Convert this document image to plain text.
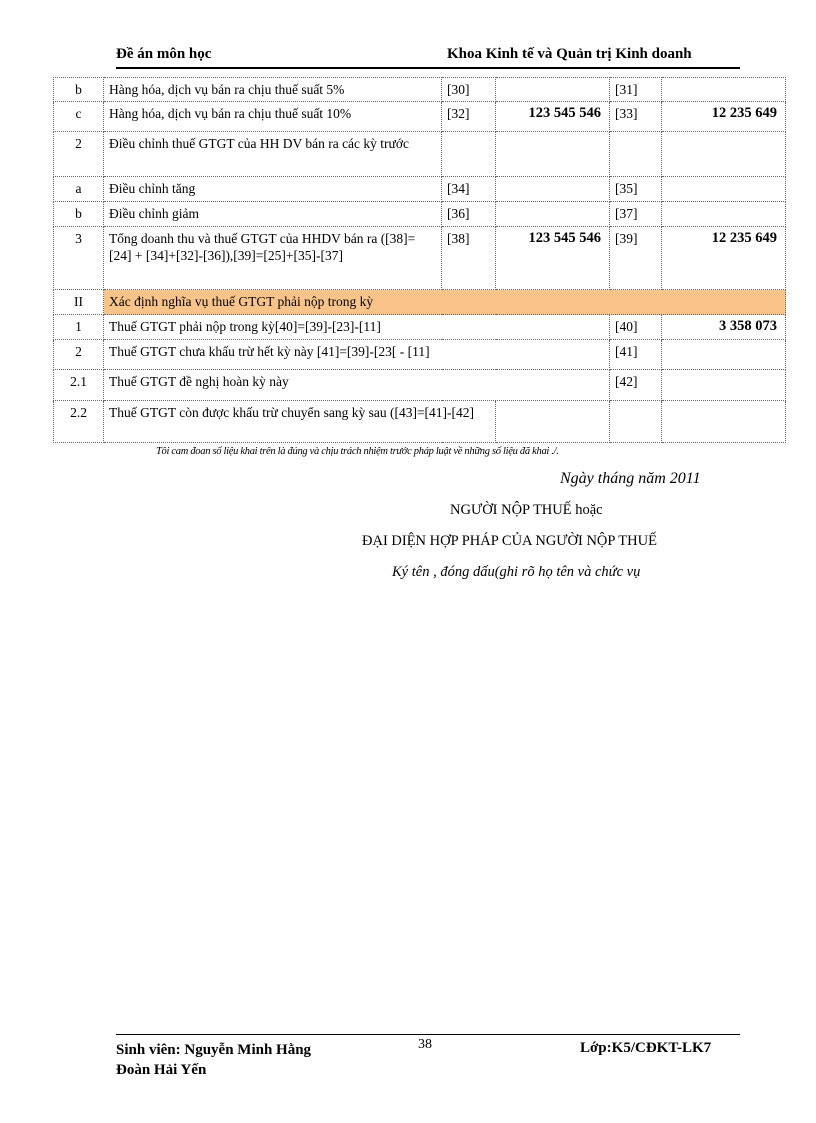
Đề án môn học	Khoa Kinh tế và Quản trị Kinh doanh
b	Hàng hóa, dịch vụ bán ra chịu thuế suất 5%	[30]		[31]	
c	Hàng hóa, dịch vụ bán ra chịu thuế suất 10%	[32]	123 545 546	[33]	12 235 649
2	Điều chỉnh thuế GTGT của HH DV bán ra các kỳ trước				
a	Điều chỉnh tăng	[34]		[35]	
b	Điều chỉnh giảm	[36]		[37]	
3	Tổng doanh thu và thuế GTGT của HHDV bán ra ([38]=[24] + [34]+[32]-[36]),[39]=[25]+[35]-[37]	[38]	123 545 546	[39]	12 235 649
II	Xác định nghĩa vụ thuế GTGT phải nộp trong kỳ				
1	Thuế GTGT phải nộp trong kỳ[40]=[39]-[23]-[11]			[40]	3 358 073
2	Thuế GTGT chưa khấu trừ hết kỳ này [41]=[39]-[23[ - [11]			[41]	
2.1	Thuế GTGT đề nghị hoàn kỳ này			[42]	
2.2	Thuế GTGT còn được khấu trừ chuyển sang kỳ sau ([43]=[41]-[42]				
Tôi cam đoan số liệu khai trên là đúng và chịu trách nhiệm trước pháp luật về những số liệu đã khai ./.
Ngày tháng năm 2011
NGƯỜI NỘP THUẾ hoặc
ĐẠI DIỆN HỢP PHÁP CỦA NGƯỜI NỘP THUẾ
Ký tên , đóng dấu(ghi rõ họ tên và chức vụ
Sinh viên: Nguyễn Minh Hằng
Đoàn Hải Yến
38	Lớp:K5/CĐKT-LK7
